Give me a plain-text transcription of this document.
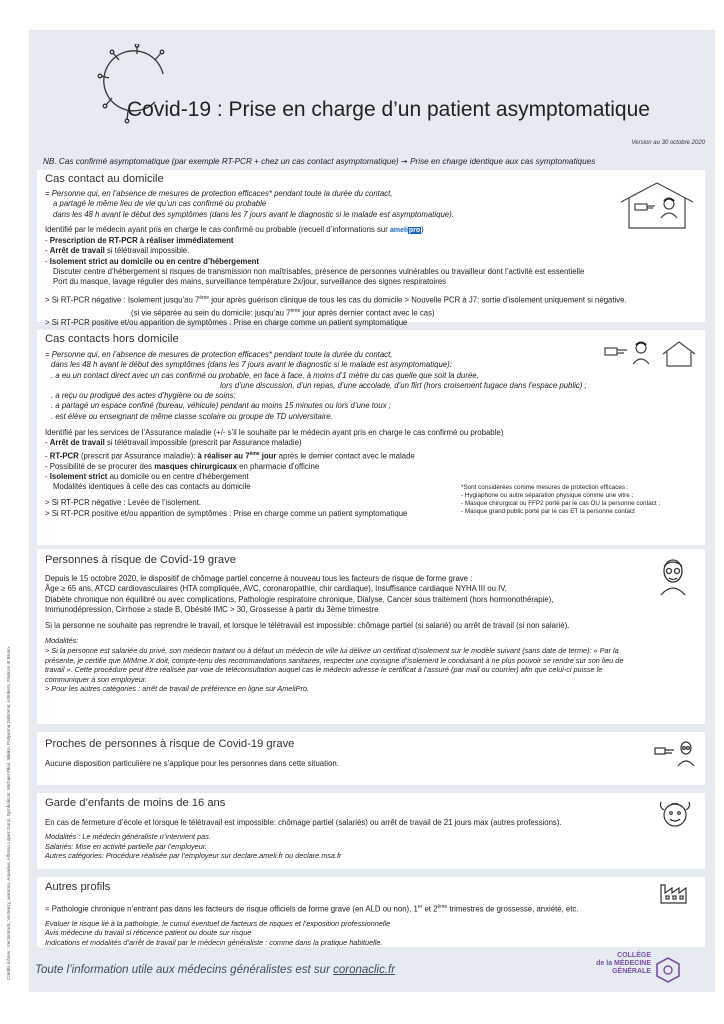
Crédits icônes : Vectorstock, Vecteezy, wanicon, Aquarius, Alfonso López Gonz, Symbolicon, Michael Pikul, Mikiko, Pollyanna Dobromir, Artinkers, Flaticon et Bruno.
Covid-19 : Prise en charge d’un patient asymptomatique
Version au 30 octobre 2020
NB. Cas confirmé asymptomatique (par exemple RT-PCR + chez un cas contact asymptomatique) ➞ Prise en charge identique aux cas symptomatiques
Cas contact au domicile
= Personne qui, en l’absence de mesures de protection efficaces* pendant toute la durée du contact,
a partagé le même lieu de vie qu’un cas confirmé ou probable
dans les 48 h avant le début des symptômes (dans les 7 jours avant le diagnostic si le malade est asymptomatique).
Identifié par le médecin ayant pris en charge le cas confirmé ou probable (recueil d’informations sur amelipro)
- Prescription de RT-PCR à réaliser immédiatement
- Arrêt de travail si télétravail impossible.
- Isolement strict au domicile ou en centre d’hébergement
Discuter centre d’hébergement si risques de transmission non maîtrisables, présence de personnes vulnérables ou travailleur dont l’activité est essentielle
Port du masque, lavage régulier des mains, surveillance température 2x/jour, surveillance des signes respiratoires
> Si RT-PCR négative : Isolement jusqu’au 7ème jour après guérison clinique de tous les cas du domicile > Nouvelle PCR à J7: sortie d’isolement uniquement si négative.
(si vie séparée au sein du domicile: jusqu’au 7ème jour après dernier contact avec le cas)
> Si RT-PCR positive et/ou apparition de symptômes : Prise en charge comme un patient symptomatique
Cas contacts hors domicile
= Personne qui, en l’absence de mesures de protection efficaces* pendant toute la durée du contact,
dans les 48 h avant le début des symptômes (dans les 7 jours avant le diagnostic si le malade est asymptomatique):
. a eu un contact direct avec un cas confirmé ou probable, en face à face, à moins d’1 mètre du cas quelle que soit la durée,
lors d’une discussion, d’un repas, d’une accolade, d’un flirt (hors croisement fugace dans l’espace public) ;
. a reçu ou prodigué des actes d’hygiène ou de soins;
. a partagé un espace confiné (bureau, véhicule) pendant au moins 15 minutes ou lors d’une toux ;
. est élève ou enseignant de même classe scolaire ou groupe de TD universitaire.
Identifié par les services de l’Assurance maladie (+/- s’il le souhaite par le médecin ayant pris en charge le cas confirmé ou probable)
- Arrêt de travail si télétravail impossible (prescrit par Assurance maladie)
- RT-PCR (prescrit par Assurance maladie): à réaliser au 7ème jour après le dernier contact avec le malade
- Possibilité de se procurer des masques chirurgicaux en pharmacie d’officine
- Isolement strict au domicile ou en centre d’hébergement
Modalités identiques à celle des cas contacts au domicile
> Si RT-PCR négative : Levée de l’isolement.
> Si RT-PCR positive et/ou apparition de symptômes : Prise en charge comme un patient symptomatique
*Sont considérées comme mesures de protection efficaces :
- Hygiaphone ou autre séparation physique comme une vitre ;
- Masque chirurgical ou FFP2 porté par le cas OU la personne contact ;
- Masque grand public porté par le cas ET la personne contact
Personnes à risque de Covid-19 grave
Depuis le 15 octobre 2020, le dispositif de chômage partiel concerne à nouveau tous les facteurs de risque de forme grave :
Âge ≥ 65 ans, ATCD cardiovasculaires (HTA compliquée, AVC, coronaropathie, chir cardiaque), Insuffisance cardiaque NYHA III ou IV,
Diabète chronique non équilibré ou avec complications, Pathologie respiratoire chronique, Dialyse, Cancer sous traitement (hors hormonothérapie),
Immunodépression, Cirrhose ≥ stade B, Obésité IMC > 30, Grossesse à partir du 3ème trimestre
Si la personne ne souhaite pas reprendre le travail, et lorsque le télétravail est impossible: chômage partiel (si salarié) ou arrêt de travail (si non salarié).
Modalités:
> Si la personne est salariée du privé, son médecin traitant ou à défaut un médecin de ville lui délivre un certificat d’isolement sur le modèle suivant (sans date de terme): « Par la
présente, je certifie que M/Mme X doit, compte-tenu des recommandations sanitaires, respecter une consigne d’isolement le conduisant à ne plus pouvoir se rendre sur son lieu de
travail ». Cette procédure peut être réalisée par voie de téléconsultation auquel cas le médecin adresse le certificat à l’assuré (par mail ou courrier) afin que celui-ci puisse le
communiquer à son employeur.
> Pour les autres catégories : arrêt de travail de préférence en ligne sur AmeliPro.
Proches de personnes à risque de Covid-19 grave
Aucune disposition particulière ne s’applique pour les personnes dans cette situation.
Garde d’enfants de moins de 16 ans
En cas de fermeture d’école et lorsque le télétravail est impossible: chômage partiel (salariés) ou arrêt de travail de 21 jours max (autres professions).
Modalités : Le médecin généraliste n’intervient pas.
Salariés: Mise en activité partielle par l’employeur.
Autres catégories: Procédure réalisée par l’employeur sur declare.ameli.fr ou declare.msa.fr
Autres profils
= Pathologie chronique n’entrant pas dans les facteurs de risque officiels de forme grave (en ALD ou non), 1er et 2ème trimestres de grossesse, anxiété, etc.
Evaluer le risque lié à la pathologie, le cumul éventuel de facteurs de risques et l’exposition professionnelle
Avis médecine du travail si réticence patient ou doute sur risque
Indications et modalités d’arrêt de travail par le médecin généraliste : comme dans la pratique habituelle.
Toute l’information utile aux médecins généralistes est sur coronaclic.fr
COLLÈGE
de la MÉDECINE
GÉNÉRALE
